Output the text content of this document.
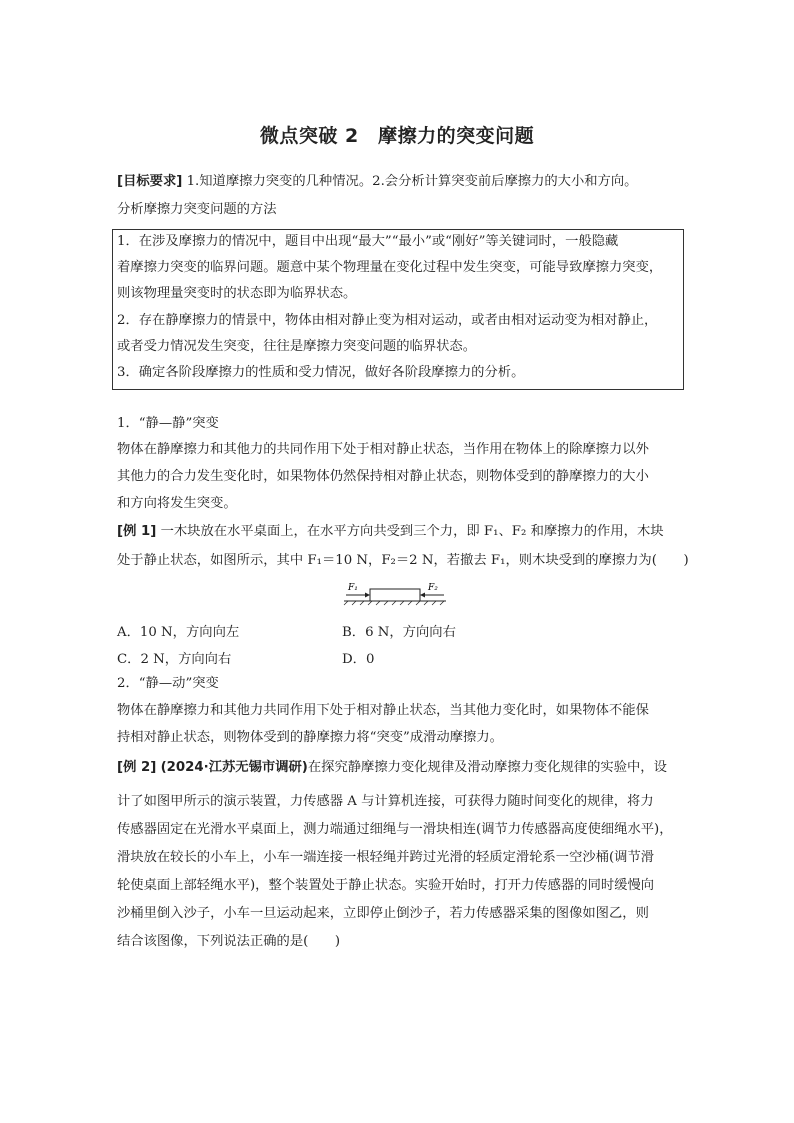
微点突破 2　摩擦力的突变问题
[目标要求] 1.知道摩擦力突变的几种情况。2.会分析计算突变前后摩擦力的大小和方向。
分析摩擦力突变问题的方法
1．在涉及摩擦力的情况中，题目中出现“最大”“最小”或“刚好”等关键词时，一般隐藏
着摩擦力突变的临界问题。题意中某个物理量在变化过程中发生突变，可能导致摩擦力突变，
则该物理量突变时的状态即为临界状态。
2．存在静摩擦力的情景中，物体由相对静止变为相对运动，或者由相对运动变为相对静止，
或者受力情况发生突变，往往是摩擦力突变问题的临界状态。
3．确定各阶段摩擦力的性质和受力情况，做好各阶段摩擦力的分析。
1．“静—静”突变
物体在静摩擦力和其他力的共同作用下处于相对静止状态，当作用在物体上的除摩擦力以外
其他力的合力发生变化时，如果物体仍然保持相对静止状态，则物体受到的静摩擦力的大小
和方向将发生突变。
[例 1] 一木块放在水平桌面上，在水平方向共受到三个力，即 F₁、F₂ 和摩擦力的作用，木块
处于静止状态，如图所示，其中 F₁＝10 N，F₂＝2 N，若撤去 F₁，则木块受到的摩擦力为(　　)
F₁	F₂
A．10 N，方向向左	B．6 N，方向向右
C．2 N，方向向右	D．0
2．“静—动”突变
物体在静摩擦力和其他力共同作用下处于相对静止状态，当其他力变化时，如果物体不能保
持相对静止状态，则物体受到的静摩擦力将“突变”成滑动摩擦力。
[例 2] (2024·江苏无锡市调研)在探究静摩擦力变化规律及滑动摩擦力变化规律的实验中，设
计了如图甲所示的演示装置，力传感器 A 与计算机连接，可获得力随时间变化的规律，将力
传感器固定在光滑水平桌面上，测力端通过细绳与一滑块相连(调节力传感器高度使细绳水平)，
滑块放在较长的小车上，小车一端连接一根轻绳并跨过光滑的轻质定滑轮系一空沙桶(调节滑
轮使桌面上部轻绳水平)，整个装置处于静止状态。实验开始时，打开力传感器的同时缓慢向
沙桶里倒入沙子，小车一旦运动起来，立即停止倒沙子，若力传感器采集的图像如图乙，则
结合该图像，下列说法正确的是(　　)
